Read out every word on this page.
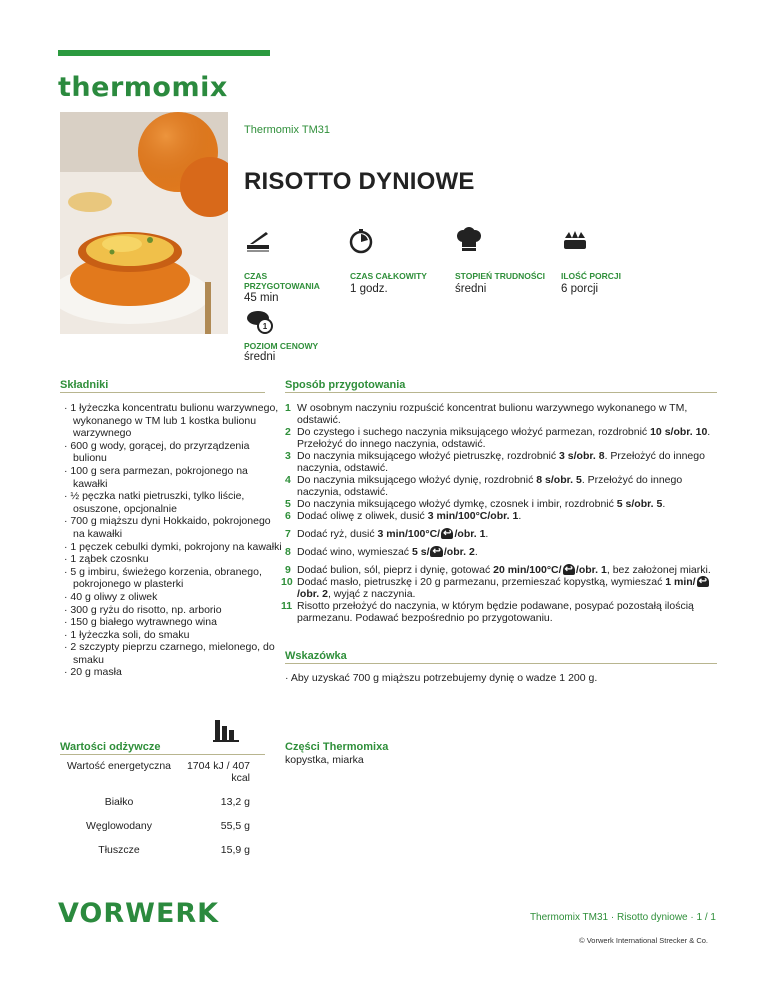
thermomix
Thermomix TM31
RISOTTO DYNIOWE
CZAS PRZYGOTOWANIA
45 min
CZAS CAŁKOWITY
1 godz.
STOPIEŃ TRUDNOŚCI
średni
ILOŚĆ PORCJI
6 porcji
1
POZIOM CENOWY
średni
Składniki	Sposób przygotowania
· 1 łyżeczka koncentratu bulionu warzywnego, wykonanego w TM lub 1 kostka bulionu warzywnego
· 600 g wody, gorącej, do przyrządzenia bulionu
· 100 g sera parmezan, pokrojonego na kawałki
· ½ pęczka natki pietruszki, tylko liście, osuszone, opcjonalnie
· 700 g miąższu dyni Hokkaido, pokrojonego na kawałki
· 1 pęczek cebulki dymki, pokrojony na kawałki
· 1 ząbek czosnku
· 5 g imbiru, świeżego korzenia, obranego, pokrojonego w plasterki
· 40 g oliwy z oliwek
· 300 g ryżu do risotto, np. arborio
· 150 g białego wytrawnego wina
· 1 łyżeczka soli, do smaku
· 2 szczypty pieprzu czarnego, mielonego, do smaku
· 20 g masła
1 W osobnym naczyniu rozpuścić koncentrat bulionu warzywnego wykonanego w TM, odstawić.
2 Do czystego i suchego naczynia miksującego włożyć parmezan, rozdrobnić 10 s/obr. 10. Przełożyć do innego naczynia, odstawić.
3 Do naczynia miksującego włożyć pietruszkę, rozdrobnić 3 s/obr. 8. Przełożyć do innego naczynia, odstawić.
4 Do naczynia miksującego włożyć dynię, rozdrobnić 8 s/obr. 5. Przełożyć do innego naczynia, odstawić.
5 Do naczynia miksującego włożyć dymkę, czosnek i imbir, rozdrobnić 5 s/obr. 5.
6 Dodać oliwę z oliwek, dusić 3 min/100°C/obr. 1.
7 Dodać ryż, dusić 3 min/100°C/ ↩ /obr. 1.
8 Dodać wino, wymieszać 5 s/ ↩ /obr. 2.
9 Dodać bulion, sól, pieprz i dynię, gotować 20 min/100°C/ ↩ /obr. 1, bez założonej miarki.
10 Dodać masło, pietruszkę i 20 g parmezanu, przemieszać kopystką, wymieszać 1 min/ ↩/obr. 2, wyjąć z naczynia.
11 Risotto przełożyć do naczynia, w którym będzie podawane, posypać pozostałą ilością parmezanu. Podawać bezpośrednio po przygotowaniu.
Wskazówka
· Aby uzyskać 700 g miąższu potrzebujemy dynię o wadze 1 200 g.
Wartości odżywcze
Wartość energetyczna	1704 kJ / 407 kcal
Białko	13,2 g
Węglowodany	55,5 g
Tłuszcze	15,9 g
Części Thermomixa
kopystka, miarka
VORWERK	Thermomix TM31 · Risotto dyniowe · 1 / 1
© Vorwerk International Strecker & Co.
